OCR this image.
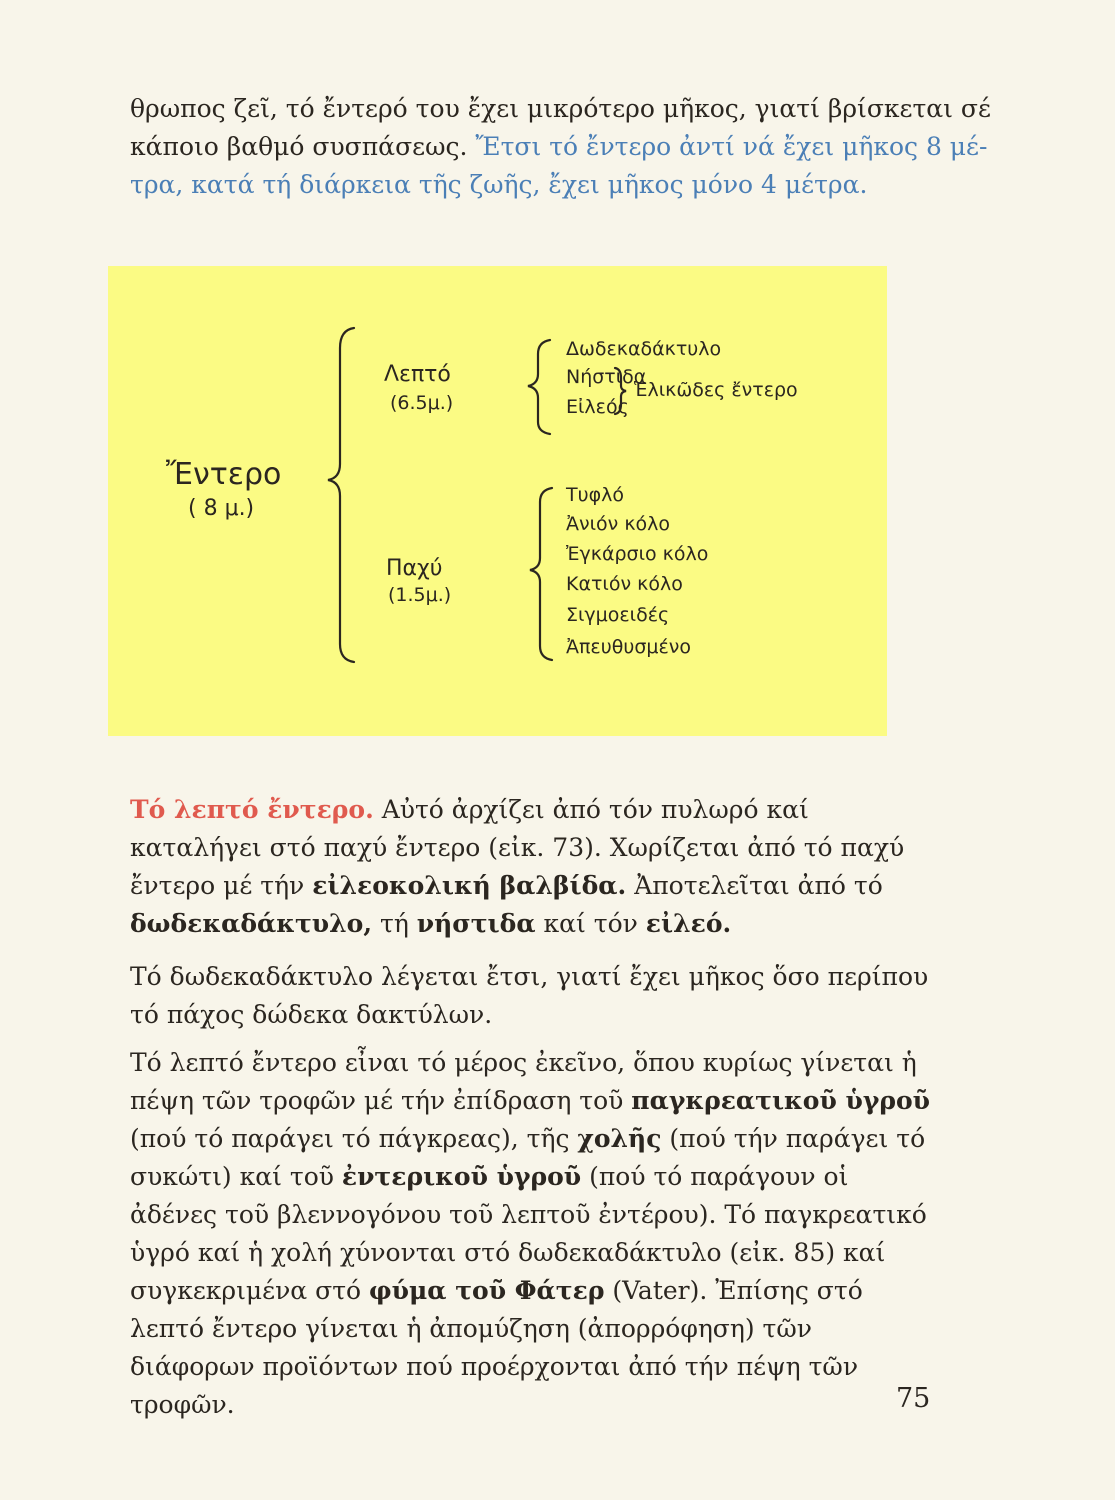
θρωπος ζεῖ, τό ἔντερό του ἔχει μικρότερο μῆκος, γιατί βρίσκεται σέ
κάποιο βαθμό συσπάσεως. Ἔτσι τό ἔντερο ἀντί νά ἔχει μῆκος 8 μέ-
τρα, κατά τή διάρκεια τῆς ζωῆς, ἔχει μῆκος μόνο 4 μέτρα.
Ἔντερο
( 8 μ.)
Λεπτό
(6.5μ.)
Δωδεκαδάκτυλο
Νήστιδα
Εἰλεός
Ἑλικῶδες ἔντερο
Παχύ
(1.5μ.)
Τυφλό
Ἀνιόν κόλο
Ἐγκάρσιο κόλο
Κατιόν κόλο
Σιγμοειδές
Ἀπευθυσμένο

Τό λεπτό ἔντερο. Αὐτό ἀρχίζει ἀπό τόν πυλωρό καί καταλήγει στό παχύ ἔντερο (εἰκ. 73). Χωρίζεται ἀπό τό παχύ ἔντερο μέ τήν εἰλεοκολική βαλβίδα. Ἀποτελεῖται ἀπό τό δωδεκαδάκτυλο, τή νήστιδα καί τόν εἰλεό.

Τό δωδεκαδάκτυλο λέγεται ἔτσι, γιατί ἔχει μῆκος ὅσο περίπου τό πάχος δώδεκα δακτύλων.

Τό λεπτό ἔντερο εἶναι τό μέρος ἐκεῖνο, ὅπου κυρίως γίνεται ἡ πέψη τῶν τροφῶν μέ τήν ἐπίδραση τοῦ παγκρεατικοῦ ὑγροῦ (πού τό παράγει τό πάγκρεας), τῆς χολῆς (πού τήν παράγει τό συκώτι) καί τοῦ ἐντερικοῦ ὑγροῦ (πού τό παράγουν οἱ ἀδένες τοῦ βλεννογόνου τοῦ λεπτοῦ ἐντέρου). Τό παγκρεατικό ὑγρό καί ἡ χολή χύνονται στό δωδεκαδάκτυλο (εἰκ. 85) καί συγκεκριμένα στό φύμα τοῦ Φάτερ (Vater). Ἐπίσης στό λεπτό ἔντερο γίνεται ἡ ἀπομύζηση (ἀπορρόφηση) τῶν διάφορων προϊόντων πού προέρχονται ἀπό τήν πέψη τῶν τροφῶν.	75
